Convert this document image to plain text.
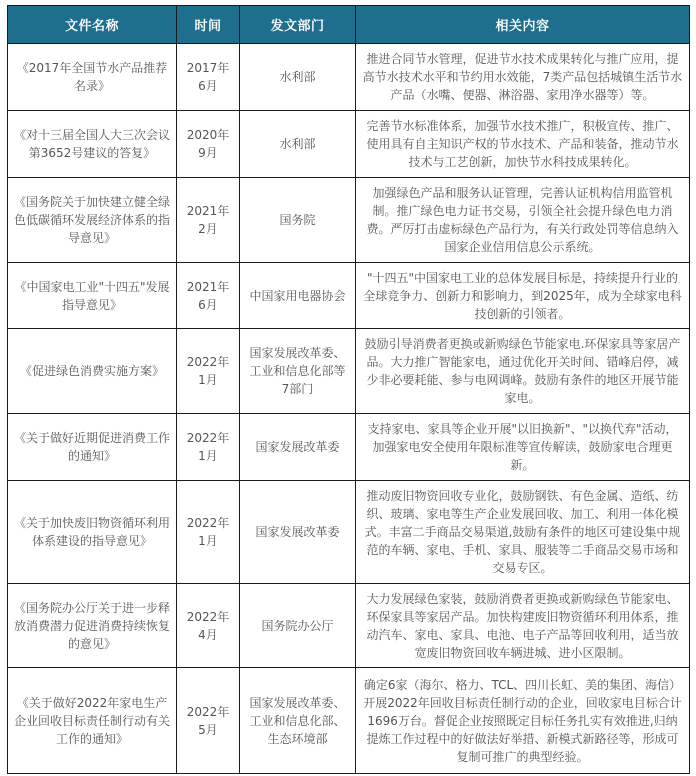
文件名称	时间	发文部门	相关内容
《2017年全国节水产品推荐名录》	2017年6月	水利部	推进合同节水管理，促进节水技术成果转化与推广应用，提高节水技术水平和节约用水效能，7类产品包括城镇生活节水产品（水嘴、便器、淋浴器、家用净水器等）等。
《对十三届全国人大三次会议第3652号建议的答复》	2020年9月	水利部	完善节水标准体系，加强节水技术推广，积极宣传、推广、使用具有自主知识产权的节水技术、产品和装备，推动节水技术与工艺创新，加快节水科技成果转化。
《国务院关于加快建立健全绿色低碳循环发展经济体系的指导意见》	2021年2月	国务院	加强绿色产品和服务认证管理，完善认证机构信用监管机制。推广绿色电力证书交易，引领全社会提升绿色电力消费。严厉打击虚标绿色产品行为，有关行政处罚等信息纳入国家企业信用信息公示系统。
《中国家电工业"十四五"发展指导意见》	2021年6月	中国家用电器协会	"十四五"中国家电工业的总体发展目标是，持续提升行业的全球竞争力、创新力和影响力，到2025年，成为全球家电科技创新的引领者。
《促进绿色消费实施方案》	2022年1月	国家发展改革委、工业和信息化部等7部门	鼓励引导消费者更换或新购绿色节能家电.环保家具等家居产品。大力推广智能家电，通过优化开关时间、错峰启停，减少非必要耗能、参与电网调峰。鼓励有条件的地区开展节能家电。
《关于做好近期促进消费工作的通知》	2022年1月	国家发展改革委	支持家电、家具等企业开展"以旧换新"、"以换代弃"活动，加强家电安全使用年限标准等宣传解读，鼓励家电合理更新。
《关于加快废旧物资循环利用体系建设的指导意见》	2022年1月	国家发展改革委	推动废旧物资回收专业化，鼓励钢铁、有色金属、造纸、纺织、玻璃、家电等生产企业发展回收、加工、利用一体化模式。丰富二手商品交易渠道,鼓励有条件的地区可建设集中规范的车辆、家电、手机、家具、服装等二手商品交易市场和交易专区。
《国务院办公厅关于进一步释放消费潜力促进消费持续恢复的意见》	2022年4月	国务院办公厅	大力发展绿色家装，鼓励消费者更换或新购绿色节能家电、环保家具等家居产品。加快构建废旧物资循环利用体系，推动汽车、家电、家具、电池、电子产品等回收利用，适当放宽废旧物资回收车辆进城、进小区限制。
《关于做好2022年家电生产企业回收目标责任制行动有关工作的通知》	2022年5月	国家发展改革委、工业和信息化部、生态环境部	确定6家（海尔、格力、TCL、四川长虹、美的集团、海信）开展2022年回收目标责任制行动的企业，回收家电目标合计1696万台。督促企业按照既定目标任务扎实有效推进,归纳提炼工作过程中的好做法好举措、新模式新路径等，形成可复制可推广的典型经验。
